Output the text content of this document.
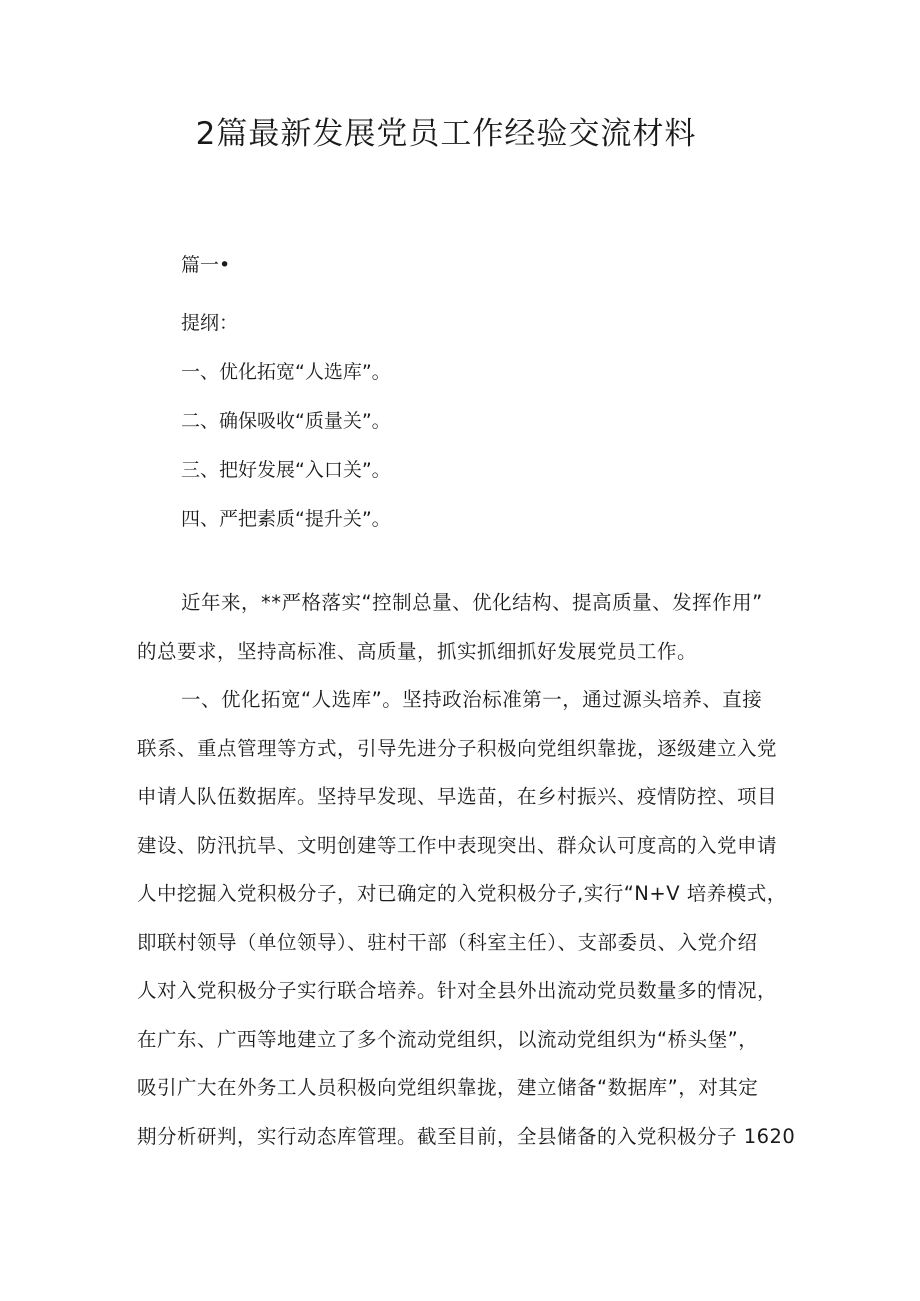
2篇最新发展党员工作经验交流材料
篇一•
提纲：
一、优化拓宽“人选库”。
二、确保吸收“质量关”。
三、把好发展“入口关”。
四、严把素质“提升关”。
近年来，**严格落实“控制总量、优化结构、提高质量、发挥作用”
的总要求，坚持高标准、高质量，抓实抓细抓好发展党员工作。
一、优化拓宽“人选库”。坚持政治标准第一，通过源头培养、直接
联系、重点管理等方式，引导先进分子积极向党组织靠拢，逐级建立入党
申请人队伍数据库。坚持早发现、早选苗，在乡村振兴、疫情防控、项目
建设、防汛抗旱、文明创建等工作中表现突出、群众认可度高的入党申请
人中挖掘入党积极分子，对已确定的入党积极分子,实行“N+V 培养模式，
即联村领导（单位领导）、驻村干部（科室主任）、支部委员、入党介绍
人对入党积极分子实行联合培养。针对全县外出流动党员数量多的情况，
在广东、广西等地建立了多个流动党组织，以流动党组织为“桥头堡”，
吸引广大在外务工人员积极向党组织靠拢，建立储备“数据库”，对其定
期分析研判，实行动态库管理。截至目前，全县储备的入党积极分子 1620
